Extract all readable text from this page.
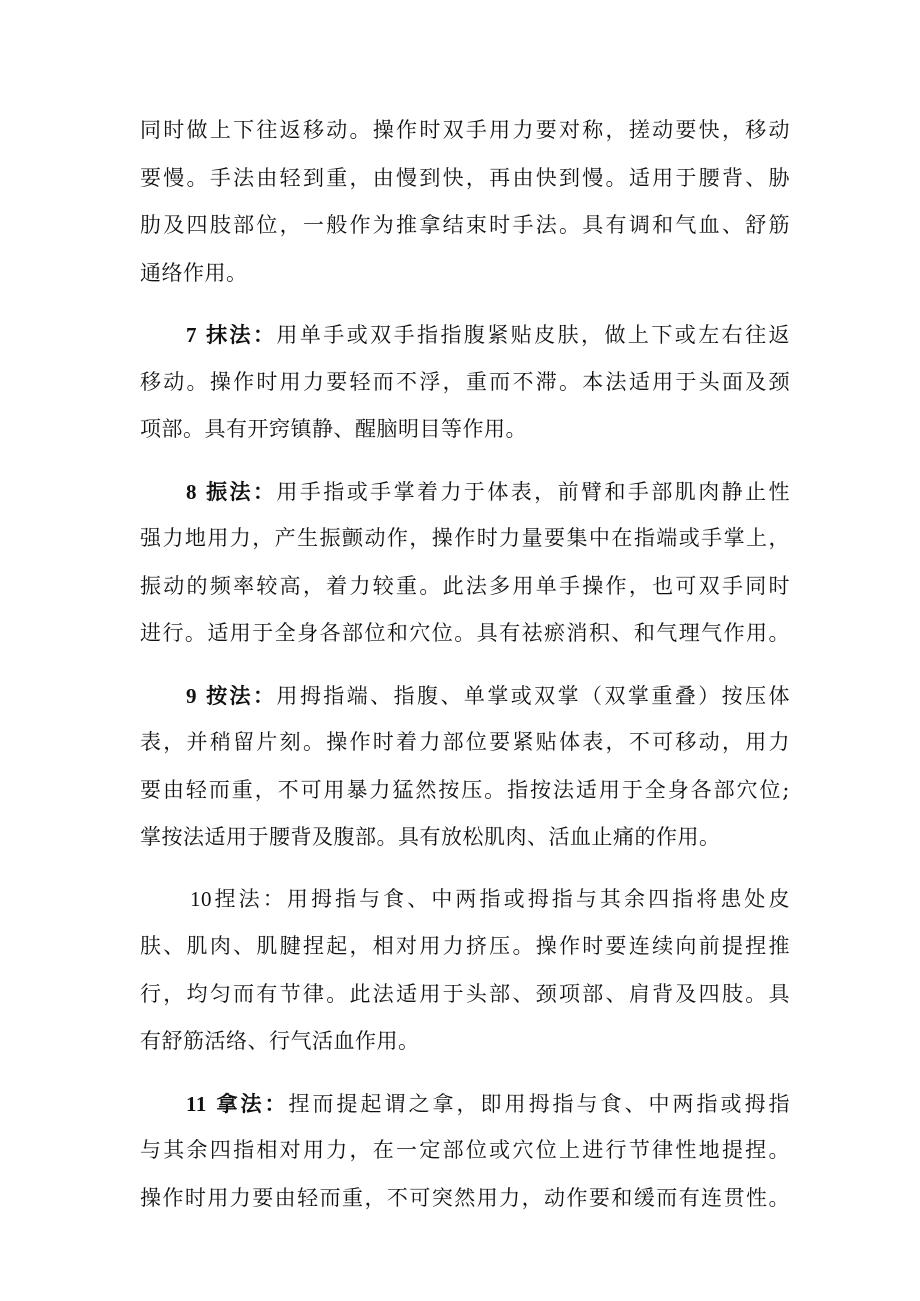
同时做上下往返移动。操作时双手用力要对称，搓动要快，移动
要慢。手法由轻到重，由慢到快，再由快到慢。适用于腰背、胁
肋及四肢部位，一般作为推拿结束时手法。具有调和气血、舒筋
通络作用。

7 抹法：用单手或双手指指腹紧贴皮肤，做上下或左右往返
移动。操作时用力要轻而不浮，重而不滞。本法适用于头面及颈
项部。具有开窍镇静、醒脑明目等作用。

8 振法：用手指或手掌着力于体表，前臂和手部肌肉静止性
强力地用力，产生振颤动作，操作时力量要集中在指端或手掌上，
振动的频率较高，着力较重。此法多用单手操作，也可双手同时
进行。适用于全身各部位和穴位。具有祛瘀消积、和气理气作用。

9 按法：用拇指端、指腹、单掌或双掌（双掌重叠）按压体
表，并稍留片刻。操作时着力部位要紧贴体表，不可移动，用力
要由轻而重，不可用暴力猛然按压。指按法适用于全身各部穴位;
掌按法适用于腰背及腹部。具有放松肌肉、活血止痛的作用。

10捏法：用拇指与食、中两指或拇指与其余四指将患处皮
肤、肌肉、肌腱捏起，相对用力挤压。操作时要连续向前提捏推
行，均匀而有节律。此法适用于头部、颈项部、肩背及四肢。具
有舒筋活络、行气活血作用。

11 拿法：捏而提起谓之拿，即用拇指与食、中两指或拇指
与其余四指相对用力，在一定部位或穴位上进行节律性地提捏。
操作时用力要由轻而重，不可突然用力，动作要和缓而有连贯性。
